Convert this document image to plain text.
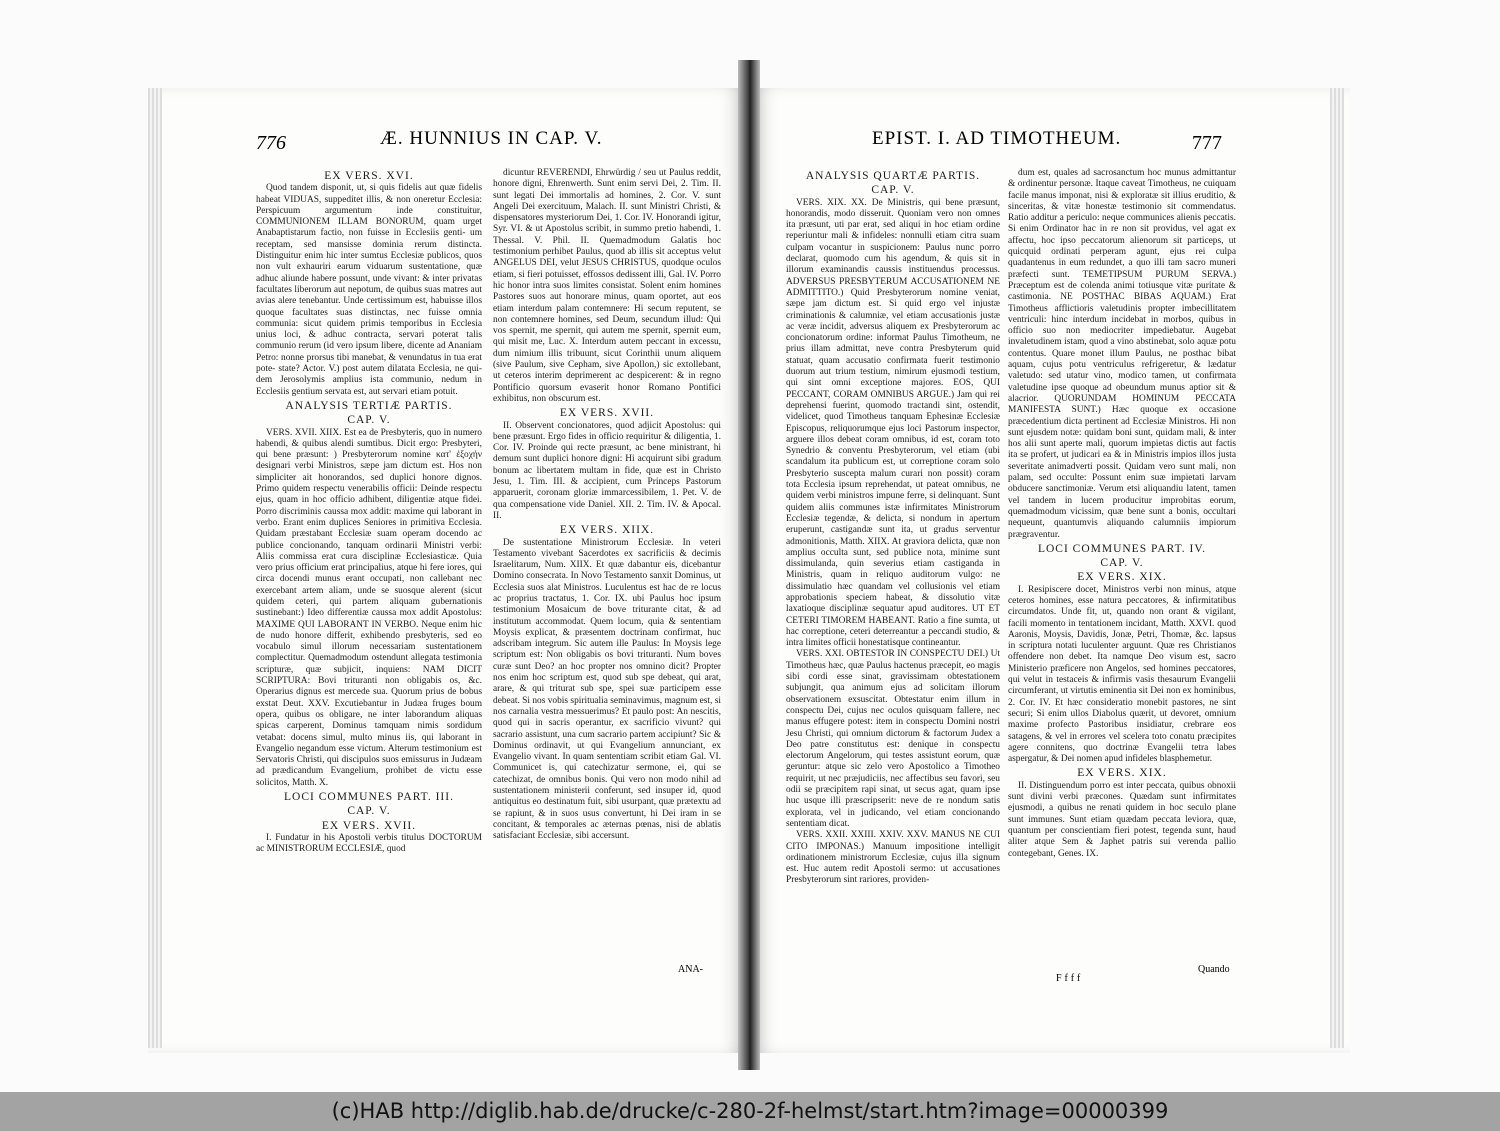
776	Æ. HUNNIUS IN CAP. V.
EX VERS. XVI.

Quod tandem disponit, ut, si quis fidelis aut quæ fidelis habeat VIDUAS, suppeditet illis, & non oneretur Ecclesia: Perspicuum argumentum inde constituitur, COMMUNIONEM ILLAM BONORUM, quam urget Anabaptistarum factio, non fuisse in Ecclesiis genti- um receptam, sed mansisse dominia rerum distincta. Distinguitur enim hic inter sumtus Ecclesiæ publicos, quos non vult exhauriri earum viduarum sustentatione, quæ adhuc aliunde habere possunt, unde vivant: & inter privatas facultates liberorum aut nepotum, de quibus suas matres aut avias alere tenebantur. Unde certissimum est, habuisse illos quoque facultates suas distinctas, nec fuisse omnia communia: sicut quidem primis temporibus in Ecclesia unius loci, & adhuc contracta, servari poterat talis communio rerum (id vero ipsum libere, dicente ad Ananiam Petro: nonne prorsus tibi manebat, & venundatus in tua erat pote- state? Actor. V.) post autem dilatata Ecclesia, ne qui- dem Jerosolymis amplius ista communio, nedum in Ecclesiis gentium servata est, aut servari etiam potuit.

ANALYSIS TERTIÆ PARTIS.
CAP. V.

VERS. XVII. XIIX. Est ea de Presbyteris, quo in numero habendi, & quibus alendi sumtibus. Dicit ergo: Presbyteri, qui bene præsunt: ) Presbyterorum nomine κατ' ἐξοχήν designari verbi Ministros, sæpe jam dictum est. Hos non simpliciter ait honorandos, sed duplici honore dignos. Primo quidem respectu venerabilis officii: Deinde respectu ejus, quam in hoc officio adhibent, diligentiæ atque fidei. Porro discriminis caussa mox addit: maxime qui laborant in verbo. Erant enim duplices Seniores in primitiva Ecclesia. Quidam præstabant Ecclesiæ suam operam docendo ac publice concionando, tanquam ordinarii Ministri verbi: Aliis commissa erat cura disciplinæ Ecclesiasticæ. Quia vero prius officium erat principalius, atque hi fere iores, qui circa docendi munus erant occupati, non callebant nec exercebant artem aliam, unde se suosque alerent (sicut quidem ceteri, qui partem aliquam gubernationis sustinebant:) Ideo differentiæ caussa mox addit Apostolus: MAXIME QUI LABORANT IN VERBO. Neque enim hic de nudo honore differit, exhibendo presbyteris, sed eo vocabulo simul illorum necessariam sustentationem complectitur. Quemadmodum ostendunt allegata testimonia scripturæ, quæ subjicit, inquiens: NAM DICIT SCRIPTURA: Bovi trituranti non obligabis os, &c. Operarius dignus est mercede sua. Quorum prius de bobus exstat Deut. XXV. Excutiebantur in Judæa fruges boum opera, quibus os obligare, ne inter laborandum aliquas spicas carperent, Dominus tamquam nimis sordidum vetabat: docens simul, multo minus iis, qui laborant in Evangelio negandum esse victum. Alterum testimonium est Servatoris Christi, qui discipulos suos emissurus in Judæam ad prædicandum Evangelium, prohibet de victu esse solicitos, Matth. X.

LOCI COMMUNES PART. III.
CAP. V.
EX VERS. XVII.

I. Fundatur in his Apostoli verbis titulus DOCTORUM ac MINISTRORUM ECCLESIÆ, quod

dicuntur REVERENDI, Ehrwürdig / seu ut Paulus reddit, honore digni, Ehrenwerth. Sunt enim servi Dei, 2. Tim. II. sunt legati Dei immortalis ad homines, 2. Cor. V. sunt Angeli Dei exercituum, Malach. II. sunt Ministri Christi, & dispensatores mysteriorum Dei, 1. Cor. IV. Honorandi igitur, Syr. VI. & ut Apostolus scribit, in summo pretio habendi, 1. Thessal. V. Phil. II. Quemadmodum Galatis hoc testimonium perhibet Paulus, quod ab illis sit acceptus velut ANGELUS DEI, velut JESUS CHRISTUS, quodque oculos etiam, si fieri potuisset, effossos dedissent illi, Gal. IV. Porro hic honor intra suos limites consistat. Solent enim homines Pastores suos aut honorare minus, quam oportet, aut eos etiam interdum palam contemnere: Hi secum reputent, se non contemnere homines, sed Deum, secundum illud: Qui vos spernit, me spernit, qui autem me spernit, spernit eum, qui misit me, Luc. X. Interdum autem peccant in excessu, dum nimium illis tribuunt, sicut Corinthii unum aliquem (sive Paulum, sive Cepham, sive Apollon,) sic extollebant, ut ceteros interim deprimerent ac despicerent: & in regno Pontificio quorsum evaserit honor Romano Pontifici exhibitus, non obscurum est.

EX VERS. XVII.

II. Observent concionatores, quod adjicit Apostolus: qui bene præsunt. Ergo fides in officio requiritur & diligentia, 1. Cor. IV. Proinde qui recte præsunt, ac bene ministrant, hi demum sunt duplici honore digni: Hi acquirunt sibi gradum bonum ac libertatem multam in fide, quæ est in Christo Jesu, 1. Tim. III. & accipient, cum Princeps Pastorum apparuerit, coronam gloriæ immarcessibilem, 1. Pet. V. de qua compensatione vide Daniel. XII. 2. Tim. IV. & Apocal. II.

EX VERS. XIIX.

De sustentatione Ministrorum Ecclesiæ. In veteri Testamento vivebant Sacerdotes ex sacrificiis & decimis Israelitarum, Num. XIIX. Et quæ dabantur eis, dicebantur Domino consecrata. In Novo Testamento sanxit Dominus, ut Ecclesia suos alat Ministros. Luculentus est hac de re locus ac proprius tractatus, 1. Cor. IX. ubi Paulus hoc ipsum testimonium Mosaicum de bove triturante citat, & ad institutum accommodat. Quem locum, quia & sententiam Moysis explicat, & præsentem doctrinam confirmat, huc adscribam integrum. Sic autem ille Paulus: In Moysis lege scriptum est: Non obligabis os bovi trituranti. Num boves curæ sunt Deo? an hoc propter nos omnino dicit? Propter nos enim hoc scriptum est, quod sub spe debeat, qui arat, arare, & qui triturat sub spe, spei suæ participem esse debeat. Si nos vobis spiritualia seminavimus, magnum est, si nos carnalia vestra messuerimus? Et paulo post: An nescitis, quod qui in sacris operantur, ex sacrificio vivunt? qui sacrario assistunt, una cum sacrario partem accipiunt? Sic & Dominus ordinavit, ut qui Evangelium annunciant, ex Evangelio vivant. In quam sententiam scribit etiam Gal. VI. Communicet is, qui catechizatur sermone, ei, qui se catechizat, de omnibus bonis. Qui vero non modo nihil ad sustentationem ministerii conferunt, sed insuper id, quod antiquitus eo destinatum fuit, sibi usurpant, quæ prætextu ad se rapiunt, & in suos usus convertunt, hi Dei iram in se concitant, & temporales ac æternas pœnas, nisi de ablatis satisfaciant Ecclesiæ, sibi accersunt.

ANA-
EPIST. I. AD TIMOTHEUM.	777
ANALYSIS QUARTÆ PARTIS.
CAP. V.

VERS. XIX. XX. De Ministris, qui bene præsunt, honorandis, modo disseruit. Quoniam vero non omnes ita præsunt, uti par erat, sed aliqui in hoc etiam ordine reperiuntur mali & infideles: nonnulli etiam citra suam culpam vocantur in suspicionem: Paulus nunc porro declarat, quomodo cum his agendum, & quis sit in illorum examinandis caussis instituendus processus. ADVERSUS PRESBYTERUM ACCUSATIONEM NE ADMITTITO.) Quid Presbyterorum nomine veniat, sæpe jam dictum est. Si quid ergo vel injustæ criminationis & calumniæ, vel etiam accusationis justæ ac veræ incidit, adversus aliquem ex Presbyterorum ac concionatorum ordine: informat Paulus Timotheum, ne prius illam admittat, neve contra Presbyterum quid statuat, quam accusatio confirmata fuerit testimonio duorum aut trium testium, nimirum ejusmodi testium, qui sint omni exceptione majores. EOS, QUI PECCANT, CORAM OMNIBUS ARGUE.) Jam qui rei deprehensi fuerint, quomodo tractandi sint, ostendit, videlicet, quod Timotheus tanquam Ephesinæ Ecclesiæ Episcopus, reliquorumque ejus loci Pastorum inspector, arguere illos debeat coram omnibus, id est, coram toto Synedrio & conventu Presbyterorum, vel etiam (ubi scandalum ita publicum est, ut correptione coram solo Presbyterio suscepta malum curari non possit) coram tota Ecclesia ipsum reprehendat, ut pateat omnibus, ne quidem verbi ministros impune ferre, si delinquant. Sunt quidem aliis communes istæ infirmitates Ministrorum Ecclesiæ tegendæ, & delicta, si nondum in apertum eruperunt, castigandæ sunt ita, ut gradus serventur admonitionis, Matth. XIIX. At graviora delicta, quæ non amplius occulta sunt, sed publice nota, minime sunt dissimulanda, quin severius etiam castiganda in Ministris, quam in reliquo auditorum vulgo: ne dissimulatio hæc quandam vel collusionis vel etiam approbationis speciem habeat, & dissolutio vitæ laxatioque disciplinæ sequatur apud auditores. UT ET CETERI TIMOREM HABEANT. Ratio a fine sumta, ut hac correptione, ceteri deterreantur a peccandi studio, & intra limites officii honestatisque contineantur.

VERS. XXI. OBTESTOR IN CONSPECTU DEI.) Ut Timotheus hæc, quæ Paulus hactenus præcepit, eo magis sibi cordi esse sinat, gravissimam obtestationem subjungit, qua animum ejus ad solicitam illorum observationem exsuscitat. Obtestatur enim illum in conspectu Dei, cujus nec oculos quisquam fallere, nec manus effugere potest: item in conspectu Domini nostri Jesu Christi, qui omnium dictorum & factorum Judex a Deo patre constitutus est: denique in conspectu electorum Angelorum, qui testes assistunt eorum, quæ geruntur: atque sic zelo vero Apostolico a Timotheo requirit, ut nec præjudiciis, nec affectibus seu favori, seu odii se præcipitem rapi sinat, ut secus agat, quam ipse huc usque illi præscripserit: neve de re nondum satis explorata, vel in judicando, vel etiam concionando sententiam dicat.

VERS. XXII. XXIII. XXIV. XXV. MANUS NE CUI CITO IMPONAS.) Manuum impositione intelligit ordinationem ministrorum Ecclesiæ, cujus illa signum est. Huc autem redit Apostoli sermo: ut accusationes Presbyterorum sint rariores, providen-

dum est, quales ad sacrosanctum hoc munus admittantur & ordinentur personæ. Itaque caveat Timotheus, ne cuiquam facile manus imponat, nisi & exploratæ sit illius eruditio, & sinceritas, & vitæ honestæ testimonio sit commendatus. Ratio additur a periculo: neque communices alienis peccatis. Si enim Ordinator hac in re non sit providus, vel agat ex affectu, hoc ipso peccatorum alienorum sit particeps, ut quicquid ordinati perperam agunt, ejus rei culpa quadantenus in eum redundet, a quo illi tam sacro muneri præfecti sunt. TEMETIPSUM PURUM SERVA.) Præceptum est de colenda animi totiusque vitæ puritate & castimonia. NE POSTHAC BIBAS AQUAM.) Erat Timotheus afflictioris valetudinis propter imbecillitatem ventriculi: hinc interdum incidebat in morbos, quibus in officio suo non mediocriter impediebatur. Augebat invaletudinem istam, quod a vino abstinebat, solo aquæ potu contentus. Quare monet illum Paulus, ne posthac bibat aquam, cujus potu ventriculus refrigeretur, & lædatur valetudo: sed utatur vino, modico tamen, ut confirmata valetudine ipse quoque ad obeundum munus aptior sit & alacrior. QUORUNDAM HOMINUM PECCATA MANIFESTA SUNT.) Hæc quoque ex occasione præcedentium dicta pertinent ad Ecclesiæ Ministros. Hi non sunt ejusdem notæ: quidam boni sunt, quidam mali, & inter hos alii sunt aperte mali, quorum impietas dictis aut factis ita se profert, ut judicari ea & in Ministris impios illos justa severitate animadverti possit. Quidam vero sunt mali, non palam, sed occulte: Possunt enim suæ impietati larvam obducere sanctimoniæ. Verum etsi aliquandiu latent, tamen vel tandem in lucem producitur improbitas eorum, quemadmodum vicissim, quæ bene sunt a bonis, occultari nequeunt, quantumvis aliquando calumniis impiorum prægraventur.

LOCI COMMUNES PART. IV.
CAP. V.
EX VERS. XIX.

I. Resipiscere docet, Ministros verbi non minus, atque ceteros homines, esse natura peccatores, & infirmitatibus circumdatos. Unde fit, ut, quando non orant & vigilant, facili momento in tentationem incidant, Matth. XXVI. quod Aaronis, Moysis, Davidis, Jonæ, Petri, Thomæ, &c. lapsus in scriptura notati luculenter arguunt. Quæ res Christianos offendere non debet. Ita namque Deo visum est, sacro Ministerio præficere non Angelos, sed homines peccatores, qui velut in testaceis & infirmis vasis thesaurum Evangelii circumferant, ut virtutis eminentia sit Dei non ex hominibus, 2. Cor. IV. Et hæc consideratio monebit pastores, ne sint securi; Si enim ullos Diabolus quærit, ut devoret, omnium maxime profecto Pastoribus insidiatur, crebrare eos satagens, & vel in errores vel scelera toto conatu præcipites agere connitens, quo doctrinæ Evangelii tetra labes aspergatur, & Dei nomen apud infideles blasphemetur.

EX VERS. XIX.

II. Distinguendum porro est inter peccata, quibus obnoxii sunt divini verbi præcones. Quædam sunt infirmitates ejusmodi, a quibus ne renati quidem in hoc seculo plane sunt immunes. Sunt etiam quædam peccata leviora, quæ, quantum per conscientiam fieri potest, tegenda sunt, haud aliter atque Sem & Japhet patris sui verenda pallio contegebant, Genes. IX.

Ffff
Quando
(c)HAB http://diglib.hab.de/drucke/c-280-2f-helmst/start.htm?image=00000399
